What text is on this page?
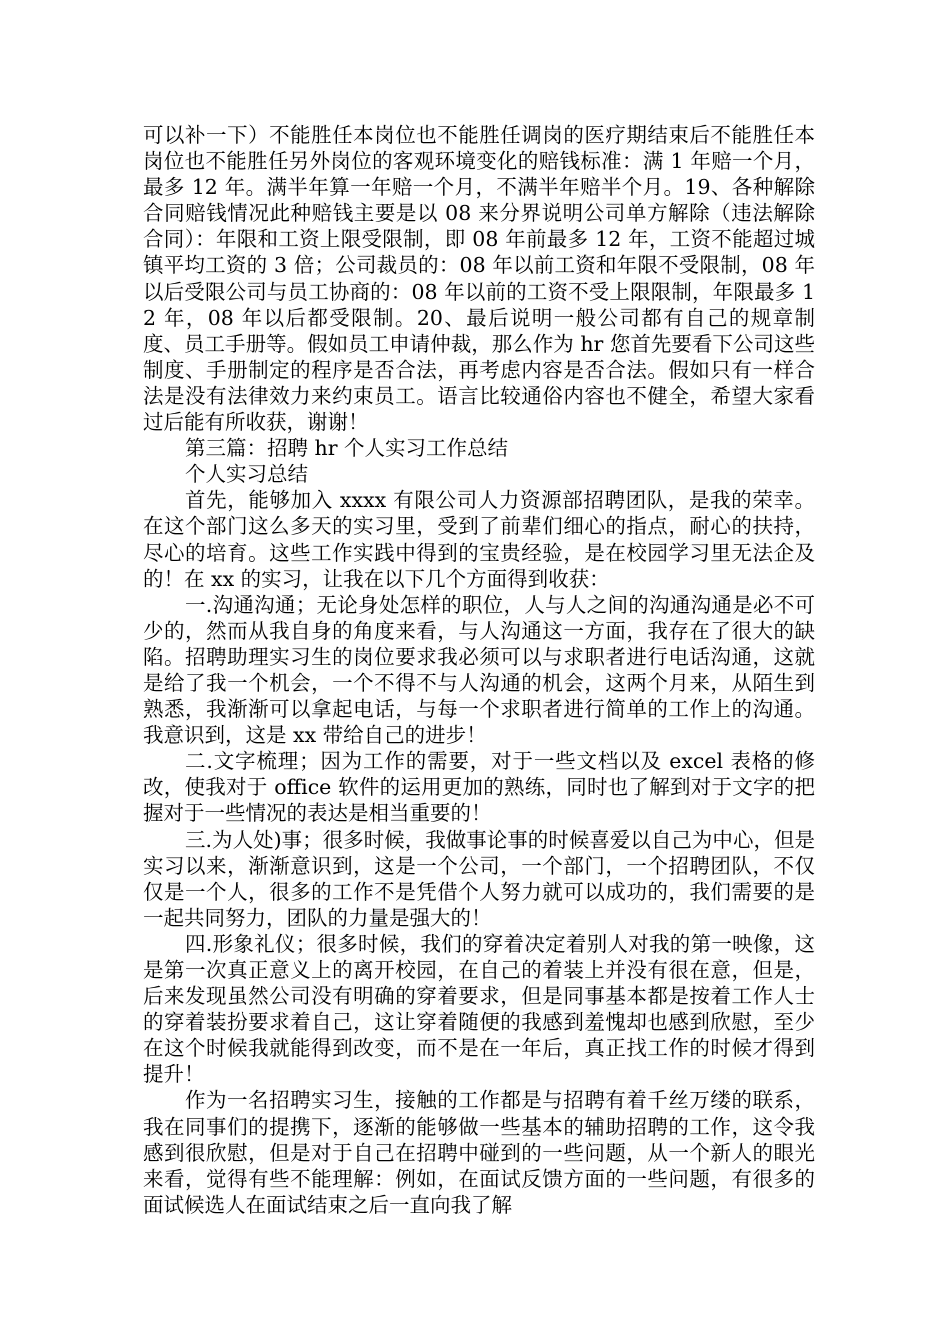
可以补一下）不能胜任本岗位也不能胜任调岗的医疗期结束后不能胜任本岗位也不能胜任另外岗位的客观环境变化的赔钱标准：满 1 年赔一个月，最多 12 年。满半年算一年赔一个月，不满半年赔半个月。19、各种解除合同赔钱情况此种赔钱主要是以 08 来分界说明公司单方解除（违法解除合同）：年限和工资上限受限制，即 08 年前最多 12 年，工资不能超过城镇平均工资的 3 倍；公司裁员的：08 年以前工资和年限不受限制，08 年以后受限公司与员工协商的：08 年以前的工资不受上限限制，年限最多 12 年，08 年以后都受限制。20、最后说明一般公司都有自己的规章制度、员工手册等。假如员工申请仲裁，那么作为 hr 您首先要看下公司这些制度、手册制定的程序是否合法，再考虑内容是否合法。假如只有一样合法是没有法律效力来约束员工。语言比较通俗内容也不健全，希望大家看过后能有所收获，谢谢！

第三篇：招聘 hr 个人实习工作总结

个人实习总结

首先，能够加入 xxxx 有限公司人力资源部招聘团队，是我的荣幸。在这个部门这么多天的实习里，受到了前辈们细心的指点，耐心的扶持，尽心的培育。这些工作实践中得到的宝贵经验，是在校园学习里无法企及的！在 xx 的实习，让我在以下几个方面得到收获：

一.沟通沟通；无论身处怎样的职位，人与人之间的沟通沟通是必不可少的，然而从我自身的角度来看，与人沟通这一方面，我存在了很大的缺陷。招聘助理实习生的岗位要求我必须可以与求职者进行电话沟通，这就是给了我一个机会，一个不得不与人沟通的机会，这两个月来，从陌生到熟悉，我渐渐可以拿起电话，与每一个求职者进行简单的工作上的沟通。我意识到，这是 xx 带给自己的进步！

二.文字梳理；因为工作的需要，对于一些文档以及 excel 表格的修改，使我对于 office 软件的运用更加的熟练，同时也了解到对于文字的把握对于一些情况的表达是相当重要的！

三.为人处)事；很多时候，我做事论事的时候喜爱以自己为中心，但是实习以来，渐渐意识到，这是一个公司，一个部门，一个招聘团队，不仅仅是一个人，很多的工作不是凭借个人努力就可以成功的，我们需要的是一起共同努力，团队的力量是强大的！

四.形象礼仪；很多时候，我们的穿着决定着别人对我的第一映像，这是第一次真正意义上的离开校园，在自己的着装上并没有很在意，但是，后来发现虽然公司没有明确的穿着要求，但是同事基本都是按着工作人士的穿着装扮要求着自己，这让穿着随便的我感到羞愧却也感到欣慰，至少在这个时候我就能得到改变，而不是在一年后，真正找工作的时候才得到提升！

作为一名招聘实习生，接触的工作都是与招聘有着千丝万缕的联系，我在同事们的提携下，逐渐的能够做一些基本的辅助招聘的工作，这令我感到很欣慰，但是对于自己在招聘中碰到的一些问题，从一个新人的眼光来看，觉得有些不能理解：例如，在面试反馈方面的一些问题，有很多的面试候选人在面试结束之后一直向我了解
